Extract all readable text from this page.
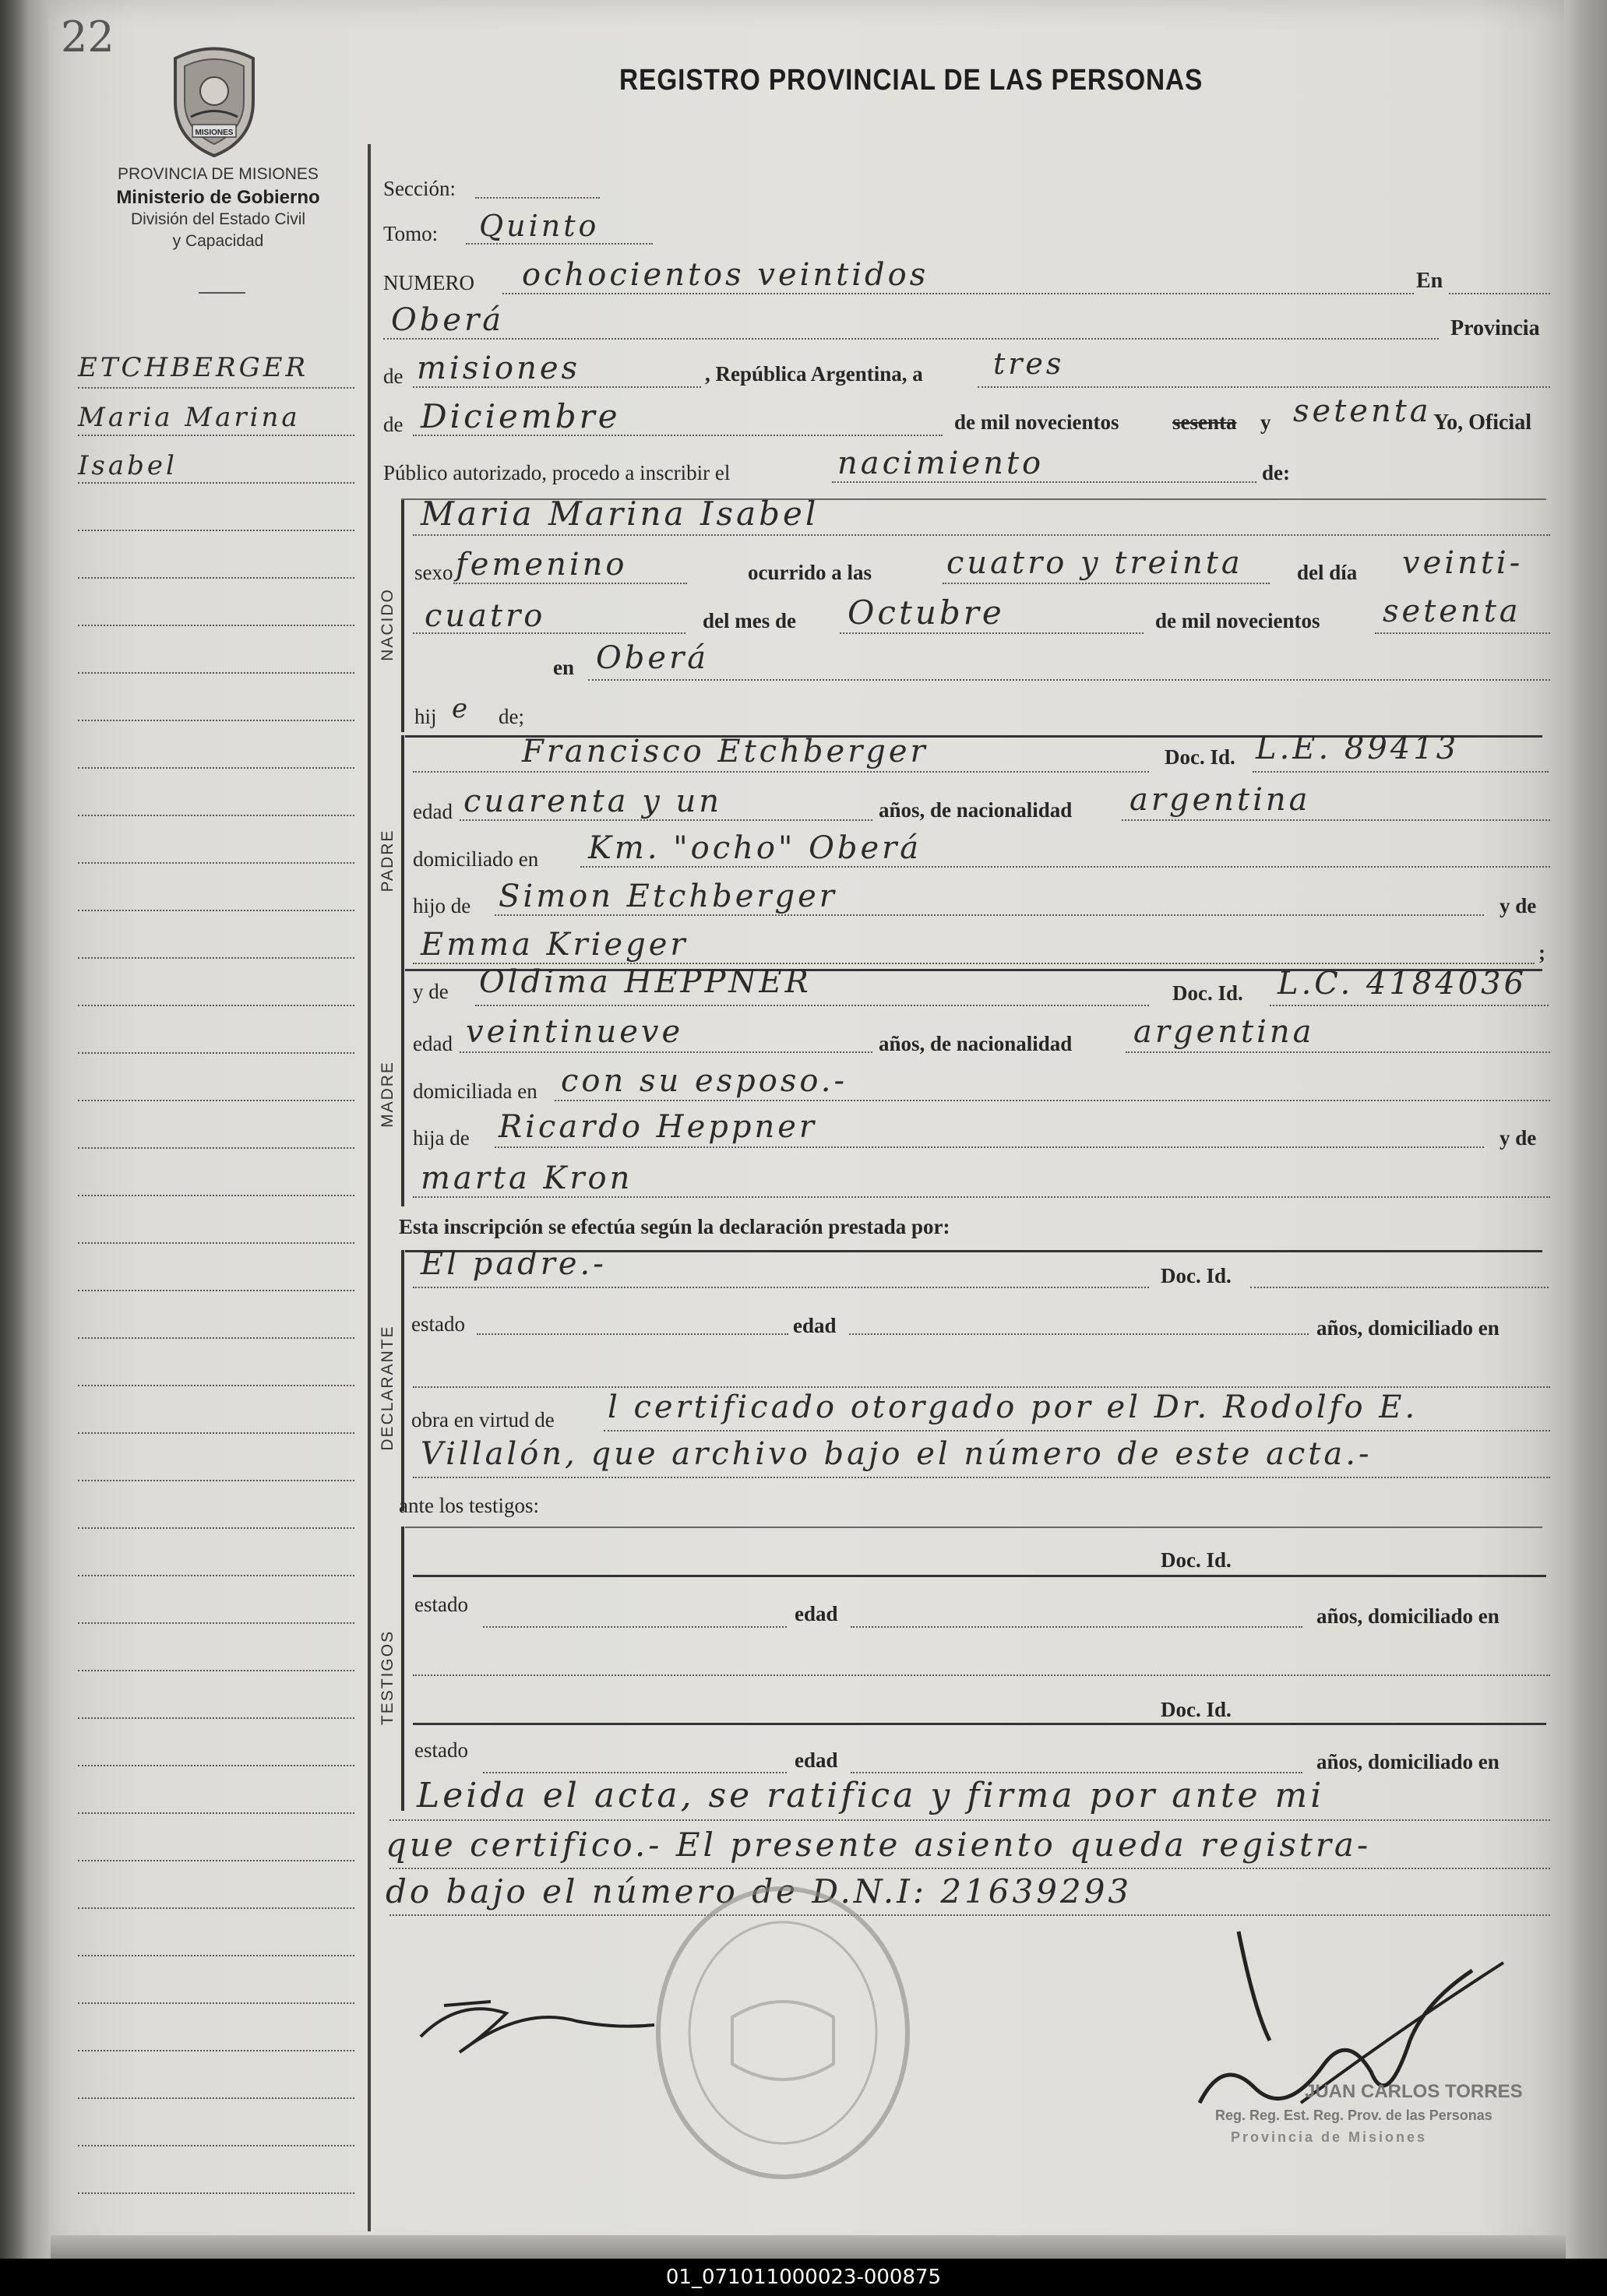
22
MISIONES
REGISTRO PROVINCIAL DE LAS PERSONAS
PROVINCIA DE MISIONES
Ministerio de Gobierno
División del Estado Civil
y Capacidad
ETCHBERGER
Maria Marina
Isabel
Sección:
Tomo: Quinto
NUMERO ochocientos veintidos	En
Oberá	Provincia
de misiones	, República Argentina, a tres
de Diciembre	de mil novecientos	sesenta y setenta Yo, Oficial
Público autorizado, procedo a inscribir el	nacimiento	de:
NACIDO
Maria Marina Isabel
sexo femenino	ocurrido a las cuatro y treinta	del día veinti-
cuatro	del mes de Octubre	de mil novecientos setenta
en Oberá
hij e de;
PADRE
Francisco Etchberger	Doc. Id. L.E. 89413
edad cuarenta y un	años, de nacionalidad argentina
domiciliado en Km. "ocho" Oberá
hijo de Simon Etchberger	y de
Emma Krieger	;
MADRE
y de Oldima HEPPNER	Doc. Id. L.C. 4184036
edad veintinueve	años, de nacionalidad argentina
domiciliada en con su esposo.-
hija de Ricardo Heppner	y de
marta Kron
Esta inscripción se efectúa según la declaración prestada por:
DECLARANTE
El padre.-	Doc. Id.
estado	edad	años, domiciliado en
obra en virtud de l certificado otorgado por el Dr. Rodolfo E.
Villalón, que archivo bajo el número de este acta.-
ante los testigos:
TESTIGOS
Doc. Id.
estado	edad	años, domiciliado en
Doc. Id.
estado	edad	años, domiciliado en
Leida el acta, se ratifica y firma por ante mi
que certifico.- El presente asiento queda registra-
do bajo el número de D.N.I: 21639293
JUAN CARLOS TORRES
Reg. Reg. Est. Reg. Prov. de las Personas
Provincia de Misiones
01_071011000023-000875
